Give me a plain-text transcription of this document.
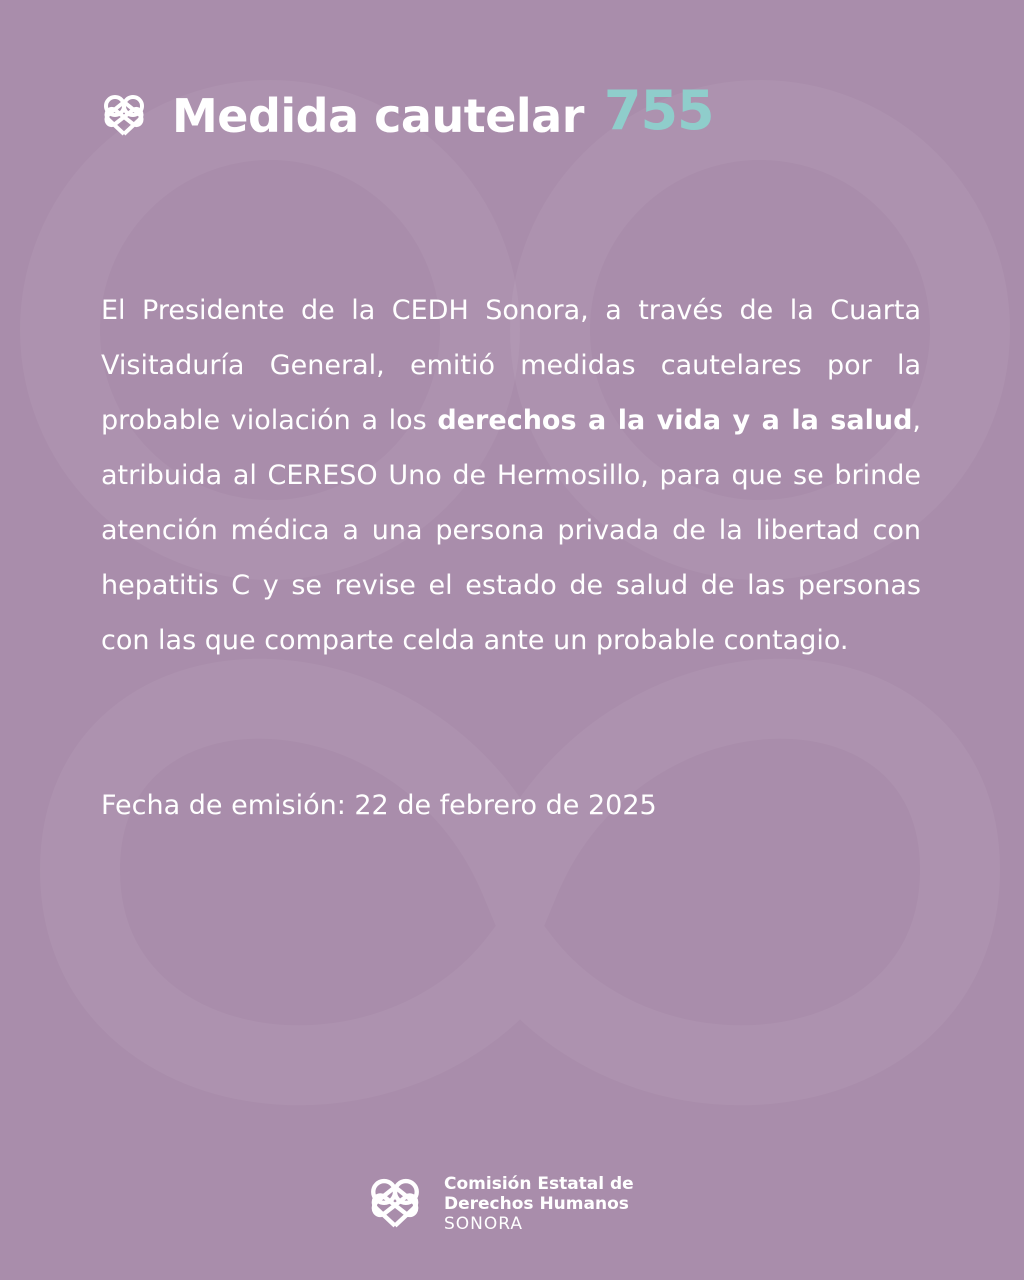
Medida cautelar 755

El Presidente de la CEDH Sonora, a través de la Cuarta Visitaduría General, emitió medidas cautelares por la probable violación a los derechos a la vida y a la salud, atribuida al CERESO Uno de Hermosillo, para que se brinde atención médica a una persona privada de la libertad con hepatitis C y se revise el estado de salud de las personas con las que comparte celda ante un probable contagio.

Fecha de emisión: 22 de febrero de 2025

Comisión Estatal de
Derechos Humanos
SONORA
